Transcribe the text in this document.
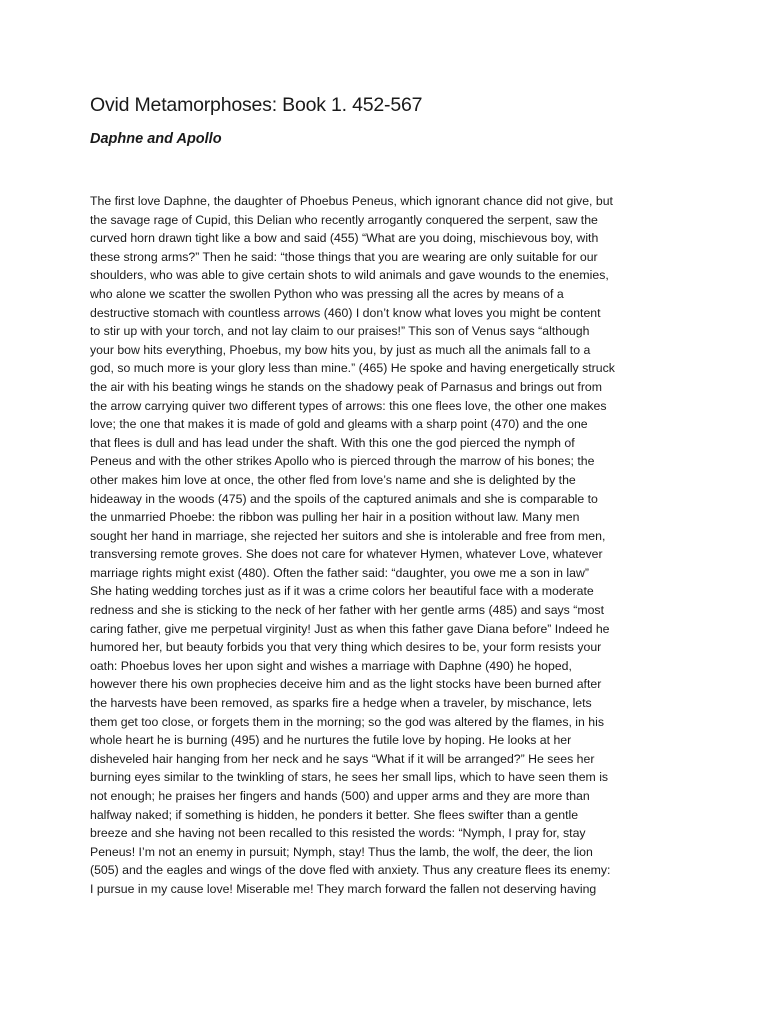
Ovid Metamorphoses: Book 1. 452-567
Daphne and Apollo
The first love Daphne, the daughter of Phoebus Peneus, which ignorant chance did not give, but
the savage rage of Cupid, this Delian who recently arrogantly conquered the serpent, saw the
curved horn drawn tight like a bow and said (455) “What are you doing, mischievous boy, with
these strong arms?” Then he said: “those things that you are wearing are only suitable for our
shoulders, who was able to give certain shots to wild animals and gave wounds to the enemies,
who alone we scatter the swollen Python who was pressing all the acres by means of a
destructive stomach with countless arrows (460) I don’t know what loves you might be content
to stir up with your torch, and not lay claim to our praises!” This son of Venus says “although
your bow hits everything, Phoebus, my bow hits you, by just as much all the animals fall to a
god, so much more is your glory less than mine.” (465) He spoke and having energetically struck
the air with his beating wings he stands on the shadowy peak of Parnasus and brings out from
the arrow carrying quiver two different types of arrows: this one flees love, the other one makes
love; the one that makes it is made of gold and gleams with a sharp point (470) and the one
that flees is dull and has lead under the shaft. With this one the god pierced the nymph of
Peneus and with the other strikes Apollo who is pierced through the marrow of his bones; the
other makes him love at once, the other fled from love’s name and she is delighted by the
hideaway in the woods (475) and the spoils of the captured animals and she is comparable to
the unmarried Phoebe: the ribbon was pulling her hair in a position without law. Many men
sought her hand in marriage, she rejected her suitors and she is intolerable and free from men,
transversing remote groves. She does not care for whatever Hymen, whatever Love, whatever
marriage rights might exist (480). Often the father said: “daughter, you owe me a son in law”
She hating wedding torches just as if it was a crime colors her beautiful face with a moderate
redness and she is sticking to the neck of her father with her gentle arms (485) and says “most
caring father, give me perpetual virginity! Just as when this father gave Diana before” Indeed he
humored her, but beauty forbids you that very thing which desires to be, your form resists your
oath: Phoebus loves her upon sight and wishes a marriage with Daphne (490) he hoped,
however there his own prophecies deceive him and as the light stocks have been burned after
the harvests have been removed, as sparks fire a hedge when a traveler, by mischance, lets
them get too close, or forgets them in the morning; so the god was altered by the flames, in his
whole heart he is burning (495) and he nurtures the futile love by hoping. He looks at her
disheveled hair hanging from her neck and he says “What if it will be arranged?” He sees her
burning eyes similar to the twinkling of stars, he sees her small lips, which to have seen them is
not enough; he praises her fingers and hands (500) and upper arms and they are more than
halfway naked; if something is hidden, he ponders it better. She flees swifter than a gentle
breeze and she having not been recalled to this resisted the words: “Nymph, I pray for, stay
Peneus! I’m not an enemy in pursuit; Nymph, stay! Thus the lamb, the wolf, the deer, the lion
(505) and the eagles and wings of the dove fled with anxiety. Thus any creature flees its enemy:
I pursue in my cause love! Miserable me! They march forward the fallen not deserving having
